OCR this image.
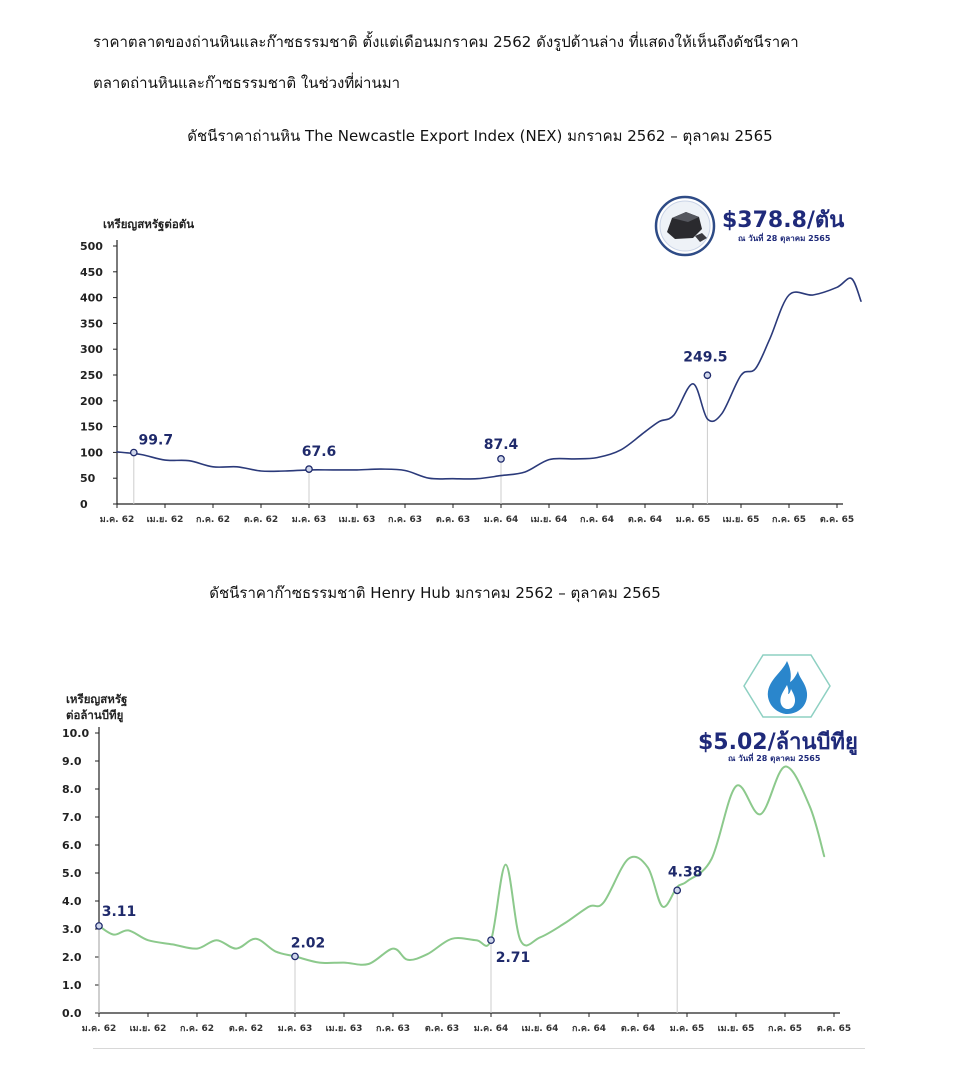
ราคาตลาดของถ่านหินและก๊าซธรรมชาติ ตั้งแต่เดือนมกราคม 2562 ดังรูปด้านล่าง ที่แสดงให้เห็นถึงดัชนีราคา

ตลาดถ่านหินและก๊าซธรรมชาติ ในช่วงที่ผ่านมา

ดัชนีราคาถ่านหิน The Newcastle Export Index (NEX) มกราคม 2562 – ตุลาคม 2565
0
50
100
150
200
250
300
350
400
450
500
ม.ค. 62 เม.ย. 62 ก.ค. 62 ต.ค. 62 ม.ค. 63 เม.ย. 63 ก.ค. 63 ต.ค. 63 ม.ค. 64 เม.ย. 64 ก.ค. 64 ต.ค. 64 ม.ค. 65 เม.ย. 65 ก.ค. 65 ต.ค. 65
เหรียญสหรัฐต่อตัน
99.7
67.6	87.4
249.5
$378.8/ตัน
ณ วันที่ 28 ตุลาคม 2565
ดัชนีราคาก๊าซธรรมชาติ Henry Hub มกราคม 2562 – ตุลาคม 2565
0.0
1.0
2.0
3.0
4.0
5.0
6.0
7.0
8.0
9.0
10.0
ม.ค. 62 เม.ย. 62 ก.ค. 62 ต.ค. 62 ม.ค. 63 เม.ย. 63 ก.ค. 63 ต.ค. 63 ม.ค. 64 เม.ย. 64 ก.ค. 64 ต.ค. 64 ม.ค. 65 เม.ย. 65 ก.ค. 65 ต.ค. 65
เหรียญสหรัฐ
ต่อล้านบีทียู
3.11
2.02
2.71
4.38
$5.02/ล้านบีทียู
ณ วันที่ 28 ตุลาคม 2565
